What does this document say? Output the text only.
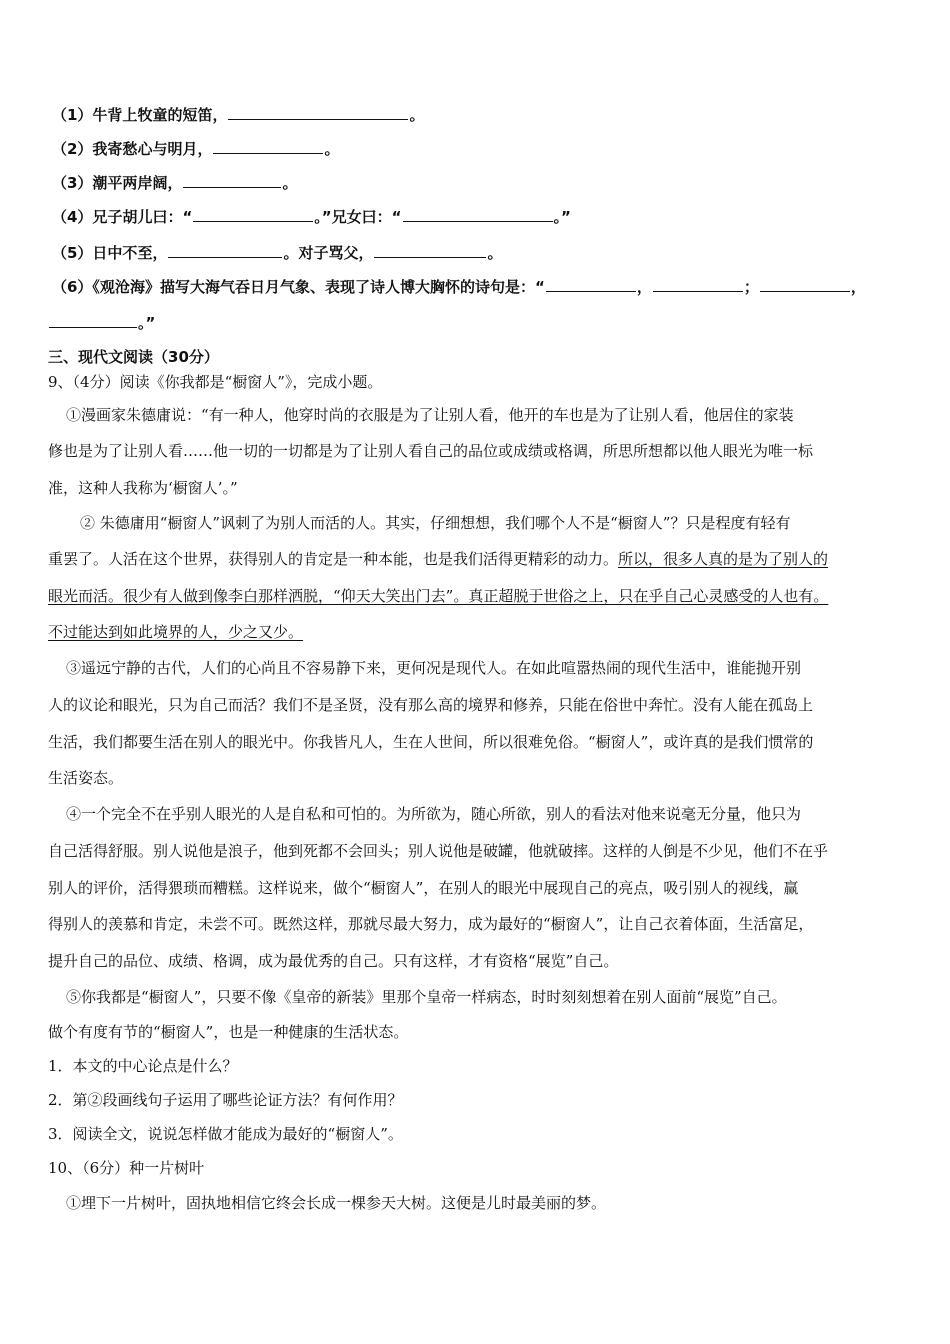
（1）牛背上牧童的短笛，	。
（2）我寄愁心与明月，	。
（3）潮平两岸阔，	。
（4）兄子胡儿曰：“	。”兄女曰：“	。”
（5）日中不至，	。对子骂父，	。
（6）《观沧海》描写大海气吞日月气象、表现了诗人博大胸怀的诗句是：“	，	；	，
。”
三、现代文阅读（30分）
9、（4分）阅读《你我都是“橱窗人”》，完成小题。
①漫画家朱德庸说：“有一种人，他穿时尚的衣服是为了让别人看，他开的车也是为了让别人看，他居住的家装
修也是为了让别人看……他一切的一切都是为了让别人看自己的品位或成绩或格调，所思所想都以他人眼光为唯一标
准，这种人我称为‘橱窗人’。”
② 朱德庸用“橱窗人”讽刺了为别人而活的人。其实，仔细想想，我们哪个人不是“橱窗人”？只是程度有轻有
重罢了。人活在这个世界，获得别人的肯定是一种本能，也是我们活得更精彩的动力。所以，很多人真的是为了别人的
眼光而活。很少有人做到像李白那样洒脱，“仰天大笑出门去”。真正超脱于世俗之上，只在乎自己心灵感受的人也有。
不过能达到如此境界的人，少之又少。
③遥远宁静的古代，人们的心尚且不容易静下来，更何况是现代人。在如此喧嚣热闹的现代生活中，谁能抛开别
人的议论和眼光，只为自己而活？我们不是圣贤，没有那么高的境界和修养，只能在俗世中奔忙。没有人能在孤岛上
生活，我们都要生活在别人的眼光中。你我皆凡人，生在人世间，所以很难免俗。“橱窗人”，或许真的是我们惯常的
生活姿态。
④一个完全不在乎别人眼光的人是自私和可怕的。为所欲为，随心所欲，别人的看法对他来说毫无分量，他只为
自己活得舒服。别人说他是浪子，他到死都不会回头；别人说他是破罐，他就破摔。这样的人倒是不少见，他们不在乎
别人的评价，活得猥琐而糟糕。这样说来，做个“橱窗人”，在别人的眼光中展现自己的亮点，吸引别人的视线，赢
得别人的羡慕和肯定，未尝不可。既然这样，那就尽最大努力，成为最好的“橱窗人”，让自己衣着体面，生活富足，
提升自己的品位、成绩、格调，成为最优秀的自己。只有这样，才有资格“展览”自己。
⑤你我都是“橱窗人”，只要不像《皇帝的新装》里那个皇帝一样病态，时时刻刻想着在别人面前“展览”自己。
做个有度有节的“橱窗人”，也是一种健康的生活状态。
1．本文的中心论点是什么？
2．第②段画线句子运用了哪些论证方法？有何作用？
3．阅读全文，说说怎样做才能成为最好的“橱窗人”。
10、（6分）种一片树叶
①埋下一片树叶，固执地相信它终会长成一棵参天大树。这便是儿时最美丽的梦。
